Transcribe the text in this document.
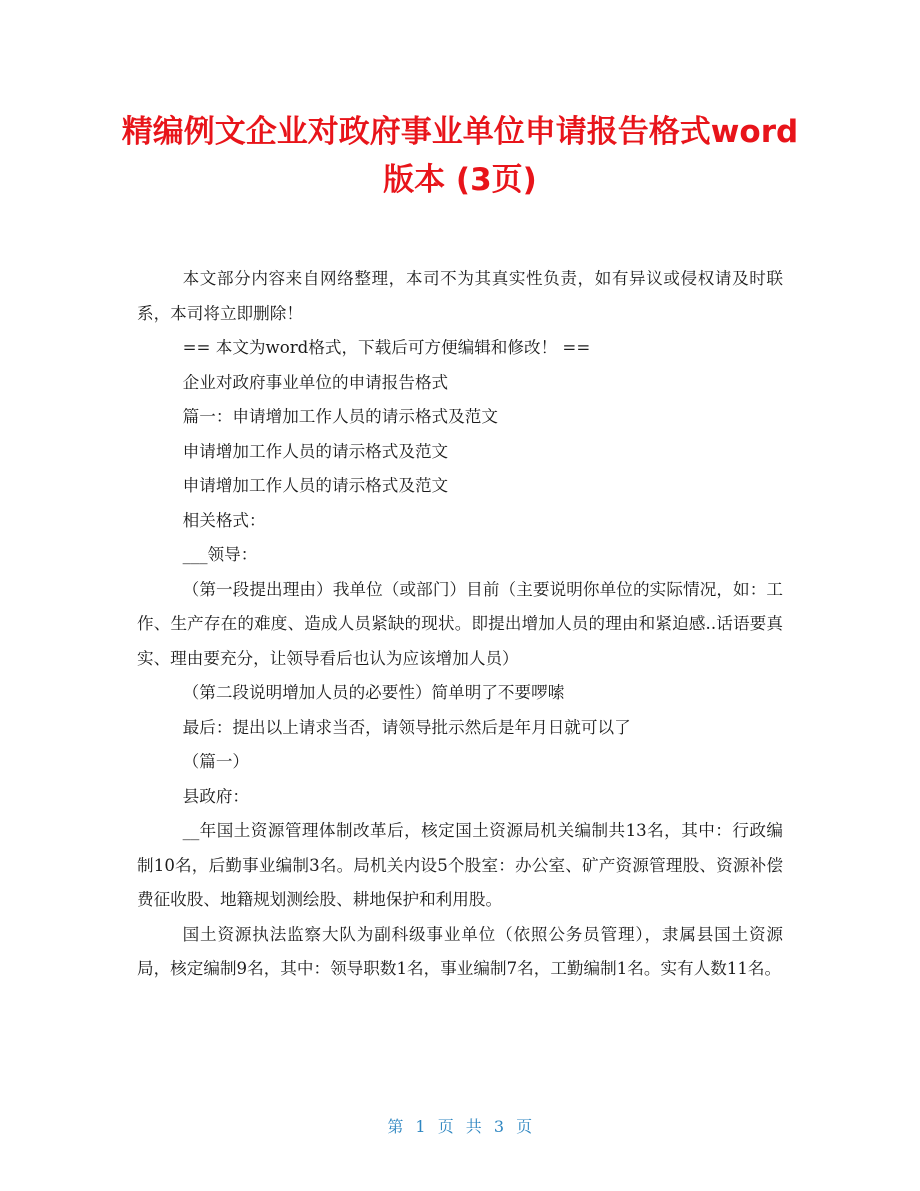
精编例文企业对政府事业单位申请报告格式word版本 (3页)

本文部分内容来自网络整理，本司不为其真实性负责，如有异议或侵权请及时联系，本司将立即删除！

== 本文为word格式，下载后可方便编辑和修改！ ==

企业对政府事业单位的申请报告格式

篇一：申请增加工作人员的请示格式及范文

申请增加工作人员的请示格式及范文

申请增加工作人员的请示格式及范文

相关格式：

___领导：

（第一段提出理由）我单位（或部门）目前（主要说明你单位的实际情况，如：工作、生产存在的难度、造成人员紧缺的现状。即提出增加人员的理由和紧迫感..话语要真实、理由要充分，让领导看后也认为应该增加人员）

（第二段说明增加人员的必要性）简单明了不要啰嗦

最后：提出以上请求当否，请领导批示然后是年月日就可以了

（篇一）

县政府：

__年国土资源管理体制改革后，核定国土资源局机关编制共13名，其中：行政编制10名，后勤事业编制3名。局机关内设5个股室：办公室、矿产资源管理股、资源补偿费征收股、地籍规划测绘股、耕地保护和利用股。

国土资源执法监察大队为副科级事业单位（依照公务员管理），隶属县国土资源局，核定编制9名，其中：领导职数1名，事业编制7名，工勤编制1名。实有人数11名。

第 1 页 共 3 页
